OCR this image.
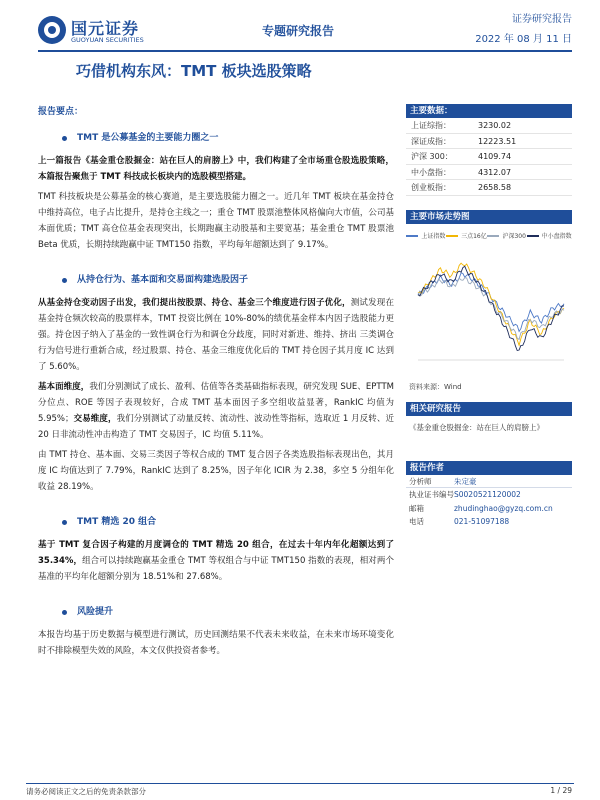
国元证券
GUOYUAN SECURITIES
专题研究报告
证券研究报告
2022 年 08 月 11 日
巧借机构东风：TMT 板块选股策略
报告要点：
TMT 是公募基金的主要能力圈之一

上一篇报告《基金重仓股掘金：站在巨人的肩膀上》中，我们构建了全市场重仓股选股策略，本篇报告聚焦于 TMT 科技成长板块内的选股模型搭建。

TMT 科技板块是公募基金的核心赛道，是主要选股能力圈之一。近几年 TMT 板块在基金持仓中维持高位，电子占比提升，是持仓主线之一；重仓 TMT 股票池整体风格偏向大市值，公司基本面优质；TMT 高仓位基金表现突出，长期跑赢主动股基和主要宽基；基金重仓 TMT 股票池 Beta 优质，长期持续跑赢中证 TMT150 指数，平均每年超额达到了 9.17%。

从持仓行为、基本面和交易面构建选股因子

从基金持仓变动因子出发，我们提出按股票、持仓、基金三个维度进行因子优化，测试发现在基金持仓频次较高的股票样本，TMT 投资比例在 10%-80%的绩优基金样本内因子选股能力更强。持仓因子纳入了基金的一致性调仓行为和调仓分歧度，同时对新进、维持、挤出 三类调仓行为信号进行重新合成，经过股票、持仓、基金三维度优化后的 TMT 持仓因子其月度 IC 达到了 5.60%。

基本面维度，我们分别测试了成长、盈利、估值等各类基础指标表现，研究发现 SUE、EPTTM 分位点、ROE 等因子表现较好，合成 TMT 基本面因子多空组收益显著，RankIC 均值为 5.95%；交易维度，我们分别测试了动量反转、流动性、波动性等指标，选取近 1 月反转、近 20 日非流动性冲击构造了 TMT 交易因子，IC 均值 5.11%。

由 TMT 持仓、基本面、交易三类因子等权合成的 TMT 复合因子各类选股指标表现出色，其月度 IC 均值达到了 7.79%，RankIC 达到了 8.25%，因子年化 ICIR 为 2.38，多空 5 分组年化收益 28.19%。

TMT 精选 20 组合

基于 TMT 复合因子构建的月度调仓的 TMT 精选 20 组合，在过去十年内年化超额达到了 35.34%，组合可以持续跑赢基金重仓 TMT 等权组合与中证 TMT150 指数的表现，相对两个基准的平均年化超额分别为 18.51%和 27.68%。

风险提升

本报告均基于历史数据与模型进行测试，历史回测结果不代表未来收益，在未来市场环境变化时不排除模型失效的风险，本文仅供投资者参考。

主要数据：
上证综指：	3230.02
深证成指：	12223.51
沪深 300：	4109.74
中小盘指：	4312.07
创业板指：	2658.58
主要市场走势图
上证指数	三点16亿	沪深300	中小盘指数
资料来源：Wind
相关研究报告
《基金重仓股掘金：站在巨人的肩膀上》
报告作者
分析师	朱定豪
执业证书编号 S0020521120002
邮箱	zhudinghao@gyzq.com.cn
电话	021-51097188
请务必阅读正文之后的免责条款部分	1 / 29
